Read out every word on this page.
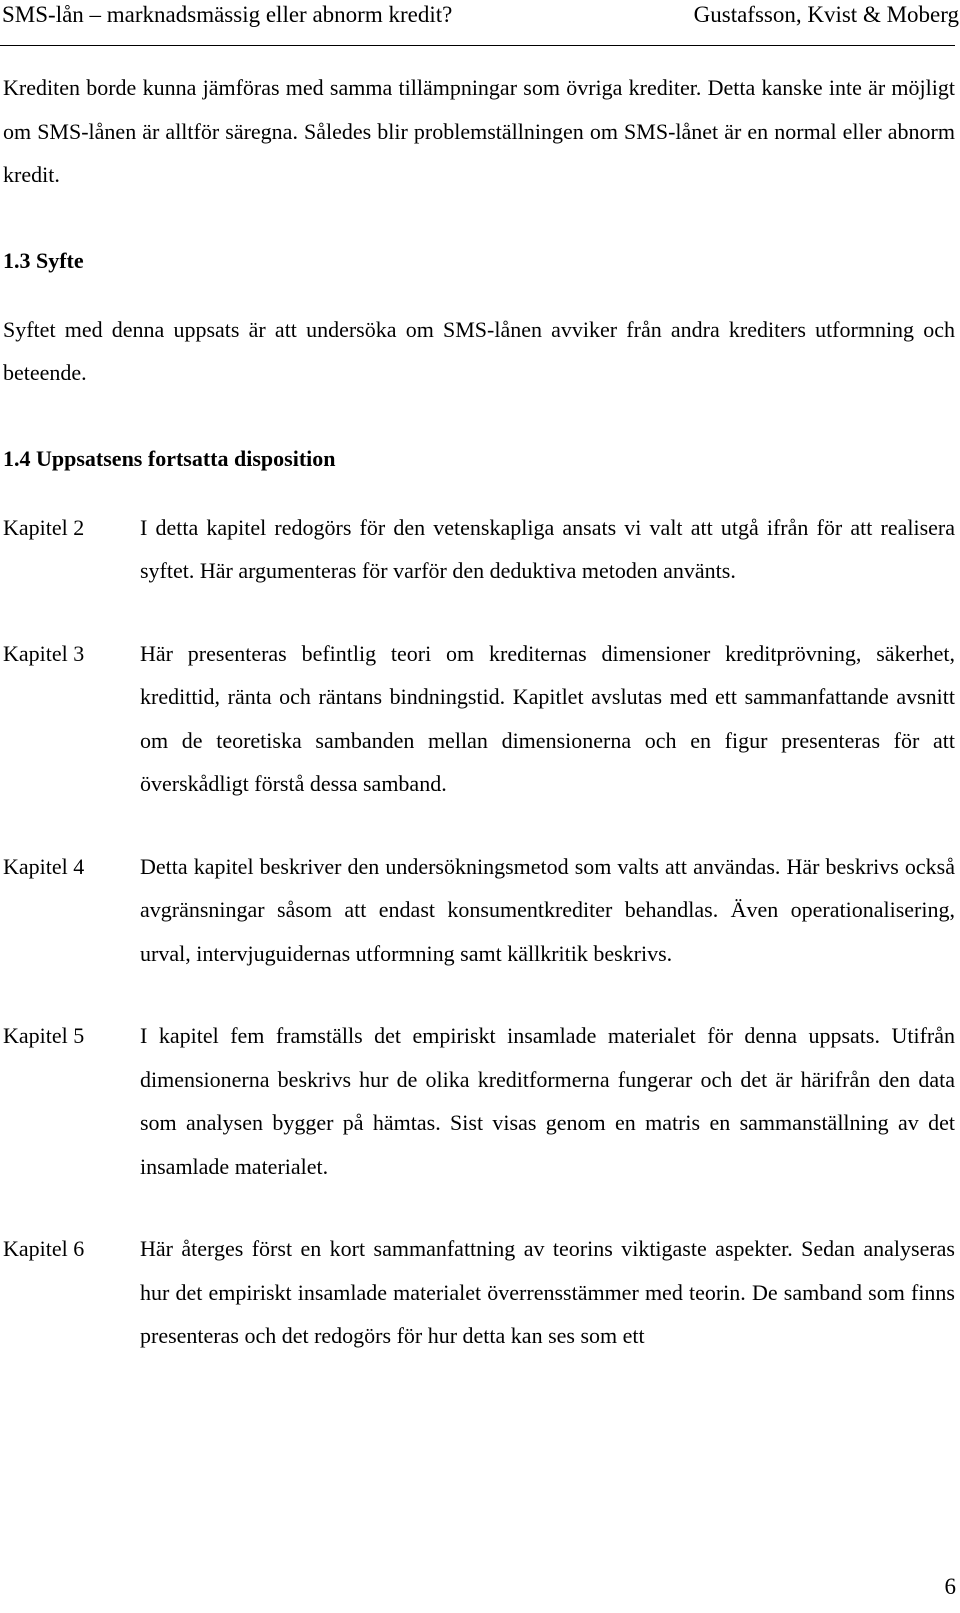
SMS-lån – marknadsmässig eller abnorm kredit?	Gustafsson, Kvist & Moberg

Krediten borde kunna jämföras med samma tillämpningar som övriga krediter. Detta kanske inte är möjligt om SMS-lånen är alltför säregna. Således blir problemställningen om SMS-lånet är en normal eller abnorm kredit.

1.3 Syfte

Syftet med denna uppsats är att undersöka om SMS-lånen avviker från andra krediters utformning och beteende.

1.4 Uppsatsens fortsatta disposition
Kapitel 2	I detta kapitel redogörs för den vetenskapliga ansats vi valt att utgå ifrån för att realisera syftet. Här argumenteras för varför den deduktiva metoden använts.
Kapitel 3	Här presenteras befintlig teori om krediternas dimensioner kreditprövning, säkerhet, kredittid, ränta och räntans bindningstid. Kapitlet avslutas med ett sammanfattande avsnitt om de teoretiska sambanden mellan dimensionerna och en figur presenteras för att överskådligt förstå dessa samband.
Kapitel 4	Detta kapitel beskriver den undersökningsmetod som valts att användas. Här beskrivs också avgränsningar såsom att endast konsumentkrediter behandlas. Även operationalisering, urval, intervjuguidernas utformning samt källkritik beskrivs.
Kapitel 5	I kapitel fem framställs det empiriskt insamlade materialet för denna uppsats. Utifrån dimensionerna beskrivs hur de olika kreditformerna fungerar och det är härifrån den data som analysen bygger på hämtas. Sist visas genom en matris en sammanställning av det insamlade materialet.
Kapitel 6	Här återges först en kort sammanfattning av teorins viktigaste aspekter. Sedan analyseras hur det empiriskt insamlade materialet överrensstämmer med teorin. De samband som finns presenteras och det redogörs för hur detta kan ses som ett
6
